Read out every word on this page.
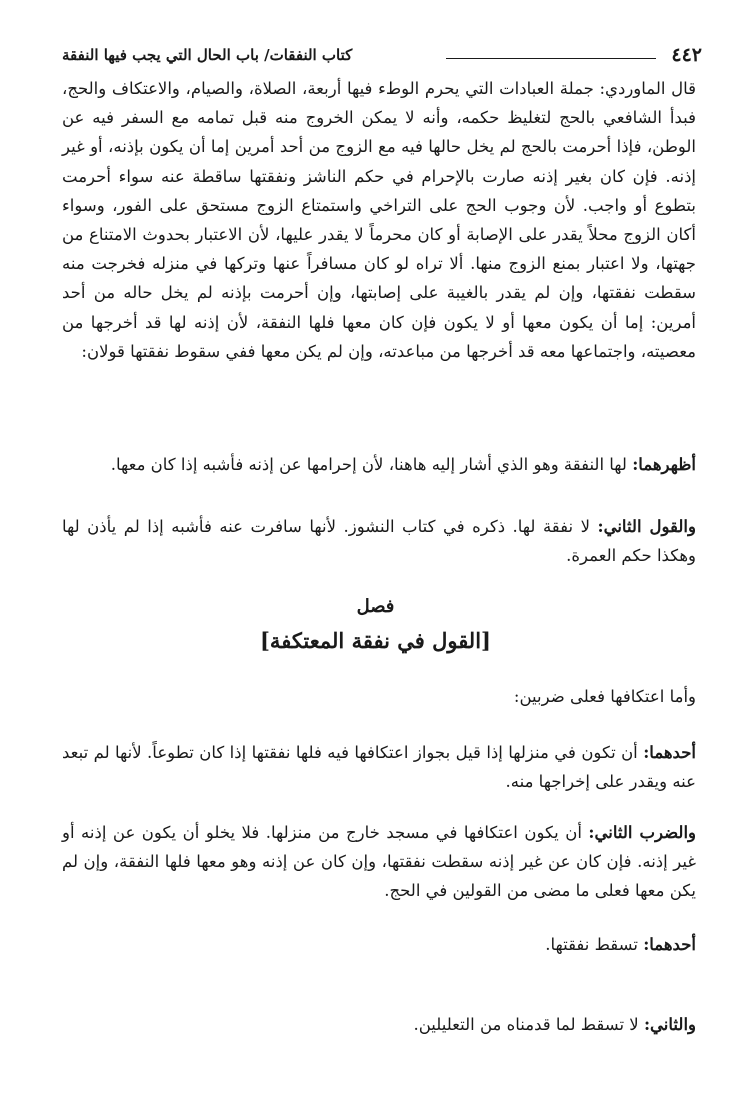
٤٤٢
كتاب النفقات/ باب الحال التي يجب فيها النفقة

قال الماوردي: جملة العبادات التي يحرم الوطء فيها أربعة، الصلاة، والصيام، والاعتكاف والحج، فبدأ الشافعي بالحج لتغليظ حكمه، وأنه لا يمكن الخروج منه قبل تمامه مع السفر فيه عن الوطن، فإذا أحرمت بالحج لم يخل حالها فيه مع الزوج من أحد أمرين إما أن يكون بإذنه، أو غير إذنه. فإن كان بغير إذنه صارت بالإحرام في حكم الناشز ونفقتها ساقطة عنه سواء أحرمت بتطوع أو واجب. لأن وجوب الحج على التراخي واستمتاع الزوج مستحق على الفور، وسواء أكان الزوج محلاً يقدر على الإصابة أو كان محرماً لا يقدر عليها، لأن الاعتبار بحدوث الامتناع من جهتها، ولا اعتبار بمنع الزوج منها. ألا تراه لو كان مسافراً عنها وتركها في منزله فخرجت منه سقطت نفقتها، وإن لم يقدر بالغيبة على إصابتها، وإن أحرمت بإذنه لم يخل حاله من أحد أمرين: إما أن يكون معها أو لا يكون فإن كان معها فلها النفقة، لأن إذنه لها قد أخرجها من معصيته، واجتماعها معه قد أخرجها من مباعدته، وإن لم يكن معها ففي سقوط نفقتها قولان:

أظهرهما: لها النفقة وهو الذي أشار إليه هاهنا، لأن إحرامها عن إذنه فأشبه إذا كان معها.

والقول الثاني: لا نفقة لها. ذكره في كتاب النشوز. لأنها سافرت عنه فأشبه إذا لم يأذن لها وهكذا حكم العمرة.

فصل
[القول في نفقة المعتكفة]

وأما اعتكافها فعلى ضربين:

أحدهما: أن تكون في منزلها إذا قيل بجواز اعتكافها فيه فلها نفقتها إذا كان تطوعاً. لأنها لم تبعد عنه ويقدر على إخراجها منه.

والضرب الثاني: أن يكون اعتكافها في مسجد خارج من منزلها. فلا يخلو أن يكون عن إذنه أو غير إذنه. فإن كان عن غير إذنه سقطت نفقتها، وإن كان عن إذنه وهو معها فلها النفقة، وإن لم يكن معها فعلى ما مضى من القولين في الحج.

أحدهما: تسقط نفقتها.

والثاني: لا تسقط لما قدمناه من التعليلين.
